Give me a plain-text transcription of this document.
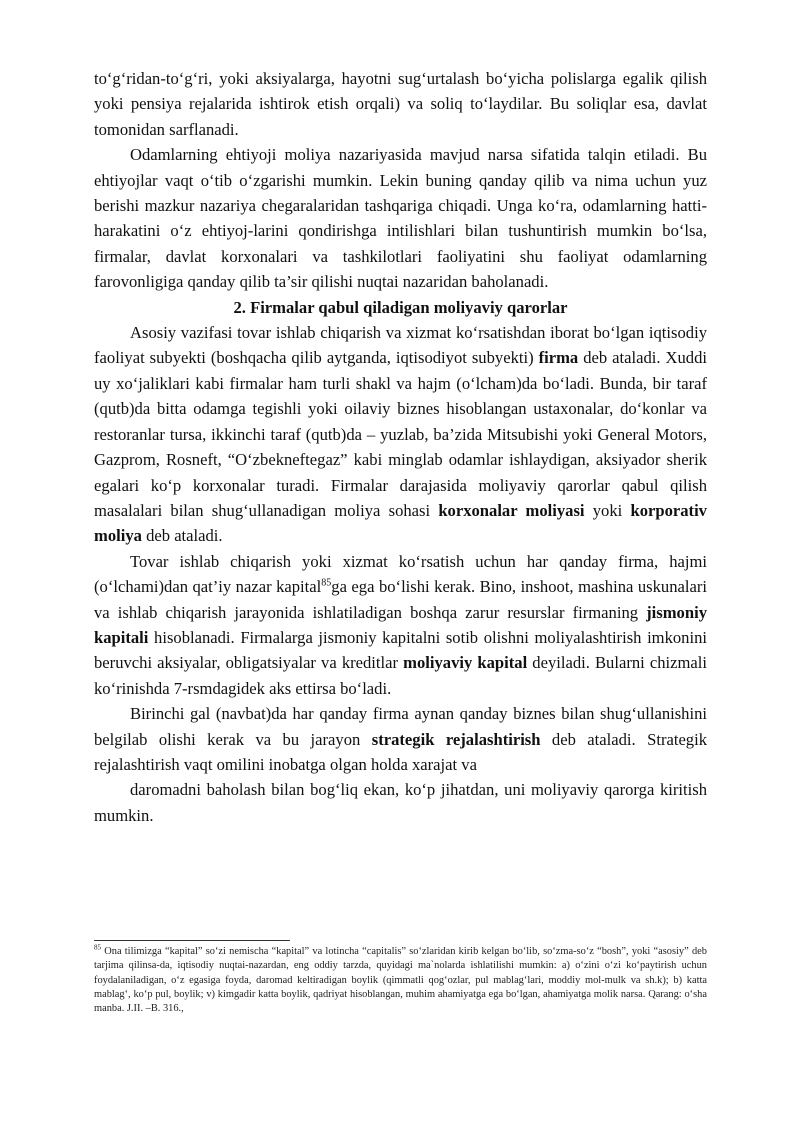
to‘g‘ridan-to‘g‘ri, yoki aksiyalarga, hayotni sug‘urtalash bo‘yicha polislarga egalik qilish yoki pensiya rejalarida ishtirok etish orqali) va soliq to‘laydilar. Bu soliqlar esa, davlat tomonidan sarflanadi.

Odamlarning ehtiyoji moliya nazariyasida mavjud narsa sifatida talqin etiladi. Bu ehtiyojlar vaqt o‘tib o‘zgarishi mumkin. Lekin buning qanday qilib va nima uchun yuz berishi mazkur nazariya chegaralaridan tashqariga chiqadi. Unga ko‘ra, odamlarning hatti-harakatini o‘z ehtiyoj-larini qondirishga intilishlari bilan tushuntirish mumkin bo‘lsa, firmalar, davlat korxonalari va tashkilotlari faoliyatini shu faoliyat odamlarning farovonligiga qanday qilib ta’sir qilishi nuqtai nazaridan baholanadi.

2. Firmalar qabul qiladigan moliyaviy qarorlar

Asosiy vazifasi tovar ishlab chiqarish va xizmat ko‘rsatishdan iborat bo‘lgan iqtisodiy faoliyat subyekti (boshqacha qilib aytganda, iqtisodiyot subyekti) firma deb ataladi. Xuddi uy xo‘jaliklari kabi firmalar ham turli shakl va hajm (o‘lcham)da bo‘ladi. Bunda, bir taraf (qutb)da bitta odamga tegishli yoki oilaviy biznes hisoblangan ustaxonalar, do‘konlar va restoranlar tursa, ikkinchi taraf (qutb)da – yuzlab, ba’zida Mitsubishi yoki General Motors, Gazprom, Rosneft, “O‘zbekneftegaz” kabi minglab odamlar ishlaydigan, aksiyador sherik egalari ko‘p korxonalar turadi. Firmalar darajasida moliyaviy qarorlar qabul qilish masalalari bilan shug‘ullanadigan moliya sohasi korxonalar moliyasi yoki korporativ moliya deb ataladi.

Tovar ishlab chiqarish yoki xizmat ko‘rsatish uchun har qanday firma, hajmi (o‘lchami)dan qat’iy nazar kapital$^{85}$ga ega bo‘lishi kerak. Bino, inshoot, mashina uskunalari va ishlab chiqarish jarayonida ishlatiladigan boshqa zarur resurslar firmaning jismoniy kapitali hisoblanadi. Firmalarga jismoniy kapitalni sotib olishni moliyalashtirish imkonini beruvchi aksiyalar, obligatsiyalar va kreditlar moliyaviy kapital deyiladi. Bularni chizmali ko‘rinishda 7-rsmdagidek aks ettirsa bo‘ladi.

Birinchi gal (navbat)da har qanday firma aynan qanday biznes bilan shug‘ullanishini belgilab olishi kerak va bu jarayon strategik rejalashtirish deb ataladi. Strategik rejalashtirish vaqt omilini inobatga olgan holda xarajat va

daromadni baholash bilan bog‘liq ekan, ko‘p jihatdan, uni moliyaviy qarorga kiritish mumkin.

$^{85}$ Ona tilimizga “kapital” so‘zi nemischa “kapital” va lotincha “capitalis” so‘zlaridan kirib kelgan bo‘lib, so‘zma-so‘z “bosh”, yoki “asosiy” deb tarjima qilinsa-da, iqtisodiy nuqtai-nazardan, eng oddiy tarzda, quyidagi ma`nolarda ishlatilishi mumkin: a) o‘zini o‘zi ko‘paytirish uchun foydalaniladigan, o‘z egasiga foyda, daromad keltiradigan boylik (qimmatli qog‘ozlar, pul mablag‘lari, moddiy mol-mulk va sh.k); b) katta mablag‘, ko‘p pul, boylik; v) kimgadir katta boylik, qadriyat hisoblangan, muhim ahamiyatga ega bo‘lgan, ahamiyatga molik narsa. Qarang: o‘sha manba. J.II. –B. 316.,
